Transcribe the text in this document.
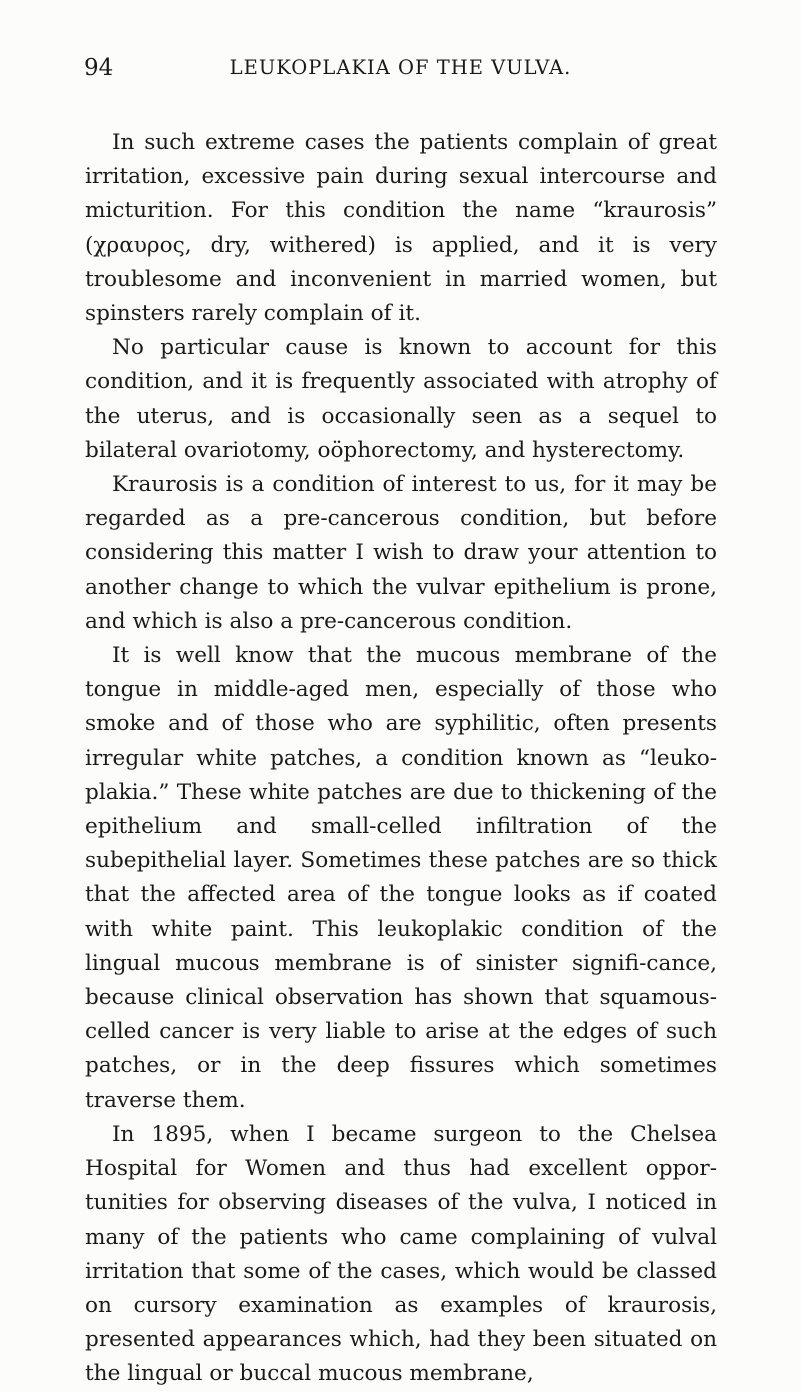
94	LEUKOPLAKIA OF THE VULVA.

In such extreme cases the patients complain of great irritation, excessive pain during sexual intercourse and micturition. For this condition the name “kraurosis” (χραυρος, dry, withered) is applied, and it is very troublesome and inconvenient in married women, but spinsters rarely complain of it.

No particular cause is known to account for this condition, and it is frequently associated with atrophy of the uterus, and is occasionally seen as a sequel to bilateral ovariotomy, oöphorectomy, and hysterectomy.

Kraurosis is a condition of interest to us, for it may be regarded as a pre-cancerous condition, but before considering this matter I wish to draw your attention to another change to which the vulvar epithelium is prone, and which is also a pre-cancerous condition.

It is well know that the mucous membrane of the tongue in middle-aged men, especially of those who smoke and of those who are syphilitic, often presents irregular white patches, a condition known as “leuko-plakia.” These white patches are due to thickening of the epithelium and small-celled infiltration of the subepithelial layer. Sometimes these patches are so thick that the affected area of the tongue looks as if coated with white paint. This leukoplakic condition of the lingual mucous membrane is of sinister signifi-cance, because clinical observation has shown that squamous-celled cancer is very liable to arise at the edges of such patches, or in the deep fissures which sometimes traverse them.

In 1895, when I became surgeon to the Chelsea Hospital for Women and thus had excellent oppor-tunities for observing diseases of the vulva, I noticed in many of the patients who came complaining of vulval irritation that some of the cases, which would be classed on cursory examination as examples of kraurosis, presented appearances which, had they been situated on the lingual or buccal mucous membrane,
